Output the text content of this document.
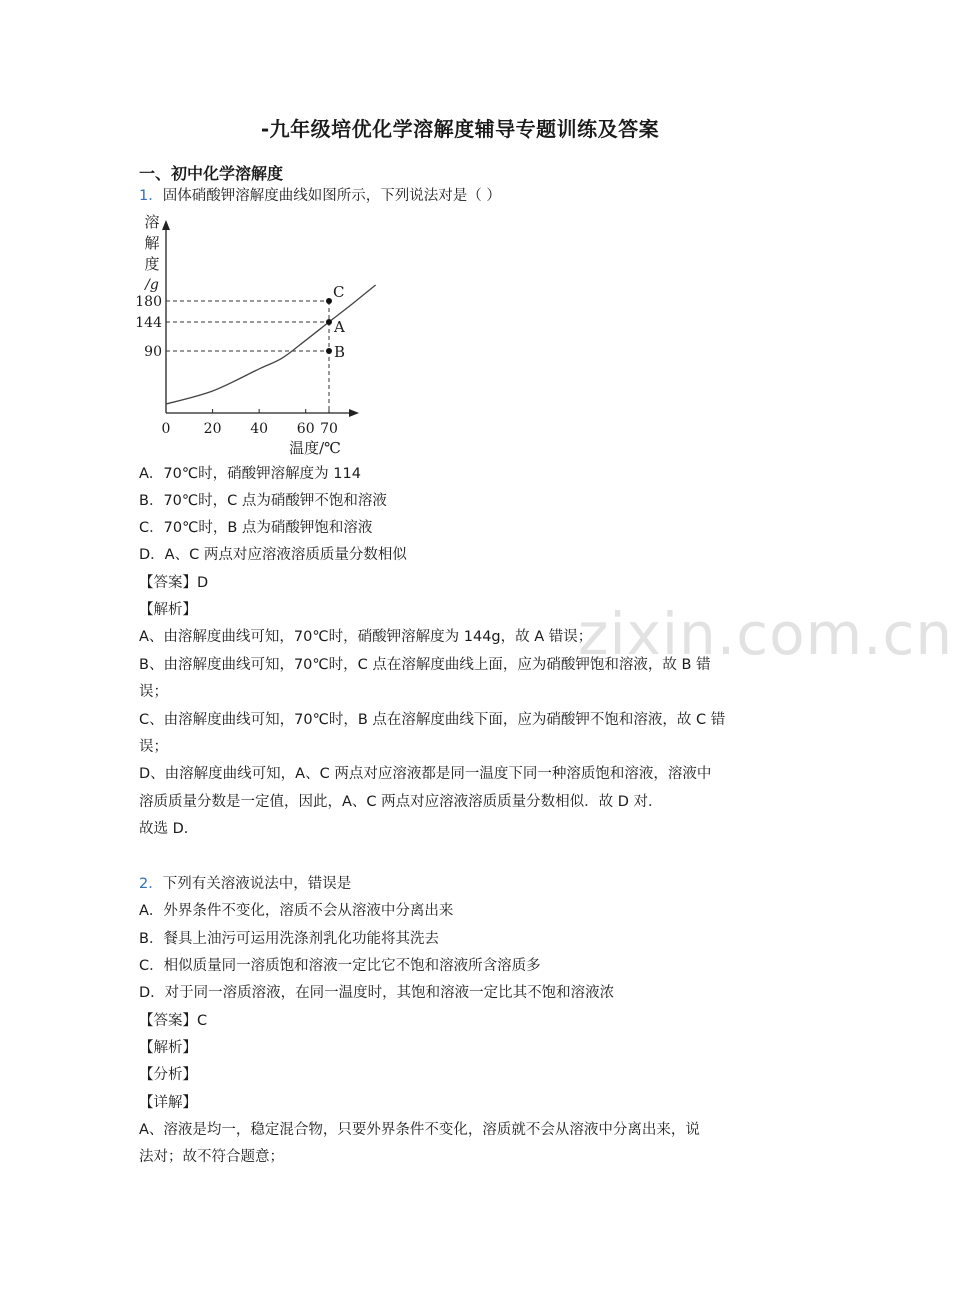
-九年级培优化学溶解度辅导专题训练及答案
一、初中化学溶解度
1．固体硝酸钾溶解度曲线如图所示，下列说法对是（ ）
溶
解
度
/g
温度/℃
0 20 40 60 70
180
144
90
C
A
B
A．70℃时，硝酸钾溶解度为 114
B．70℃时，C 点为硝酸钾不饱和溶液
C．70℃时，B 点为硝酸钾饱和溶液
D．A、C 两点对应溶液溶质质量分数相似
【答案】D
【解析】
A、由溶解度曲线可知，70℃时，硝酸钾溶解度为 144g，故 A 错误；
B、由溶解度曲线可知，70℃时，C 点在溶解度曲线上面，应为硝酸钾饱和溶液，故 B 错
误；
C、由溶解度曲线可知，70℃时，B 点在溶解度曲线下面，应为硝酸钾不饱和溶液，故 C 错
误；
D、由溶解度曲线可知，A、C 两点对应溶液都是同一温度下同一种溶质饱和溶液，溶液中
溶质质量分数是一定值，因此，A、C 两点对应溶液溶质质量分数相似．故 D 对．
故选 D．
zixin.com.cn
2．下列有关溶液说法中，错误是
A．外界条件不变化，溶质不会从溶液中分离出来
B．餐具上油污可运用洗涤剂乳化功能将其洗去
C．相似质量同一溶质饱和溶液一定比它不饱和溶液所含溶质多
D．对于同一溶质溶液，在同一温度时，其饱和溶液一定比其不饱和溶液浓
【答案】C
【解析】
【分析】
【详解】
A、溶液是均一，稳定混合物，只要外界条件不变化，溶质就不会从溶液中分离出来，说
法对；故不符合题意；
